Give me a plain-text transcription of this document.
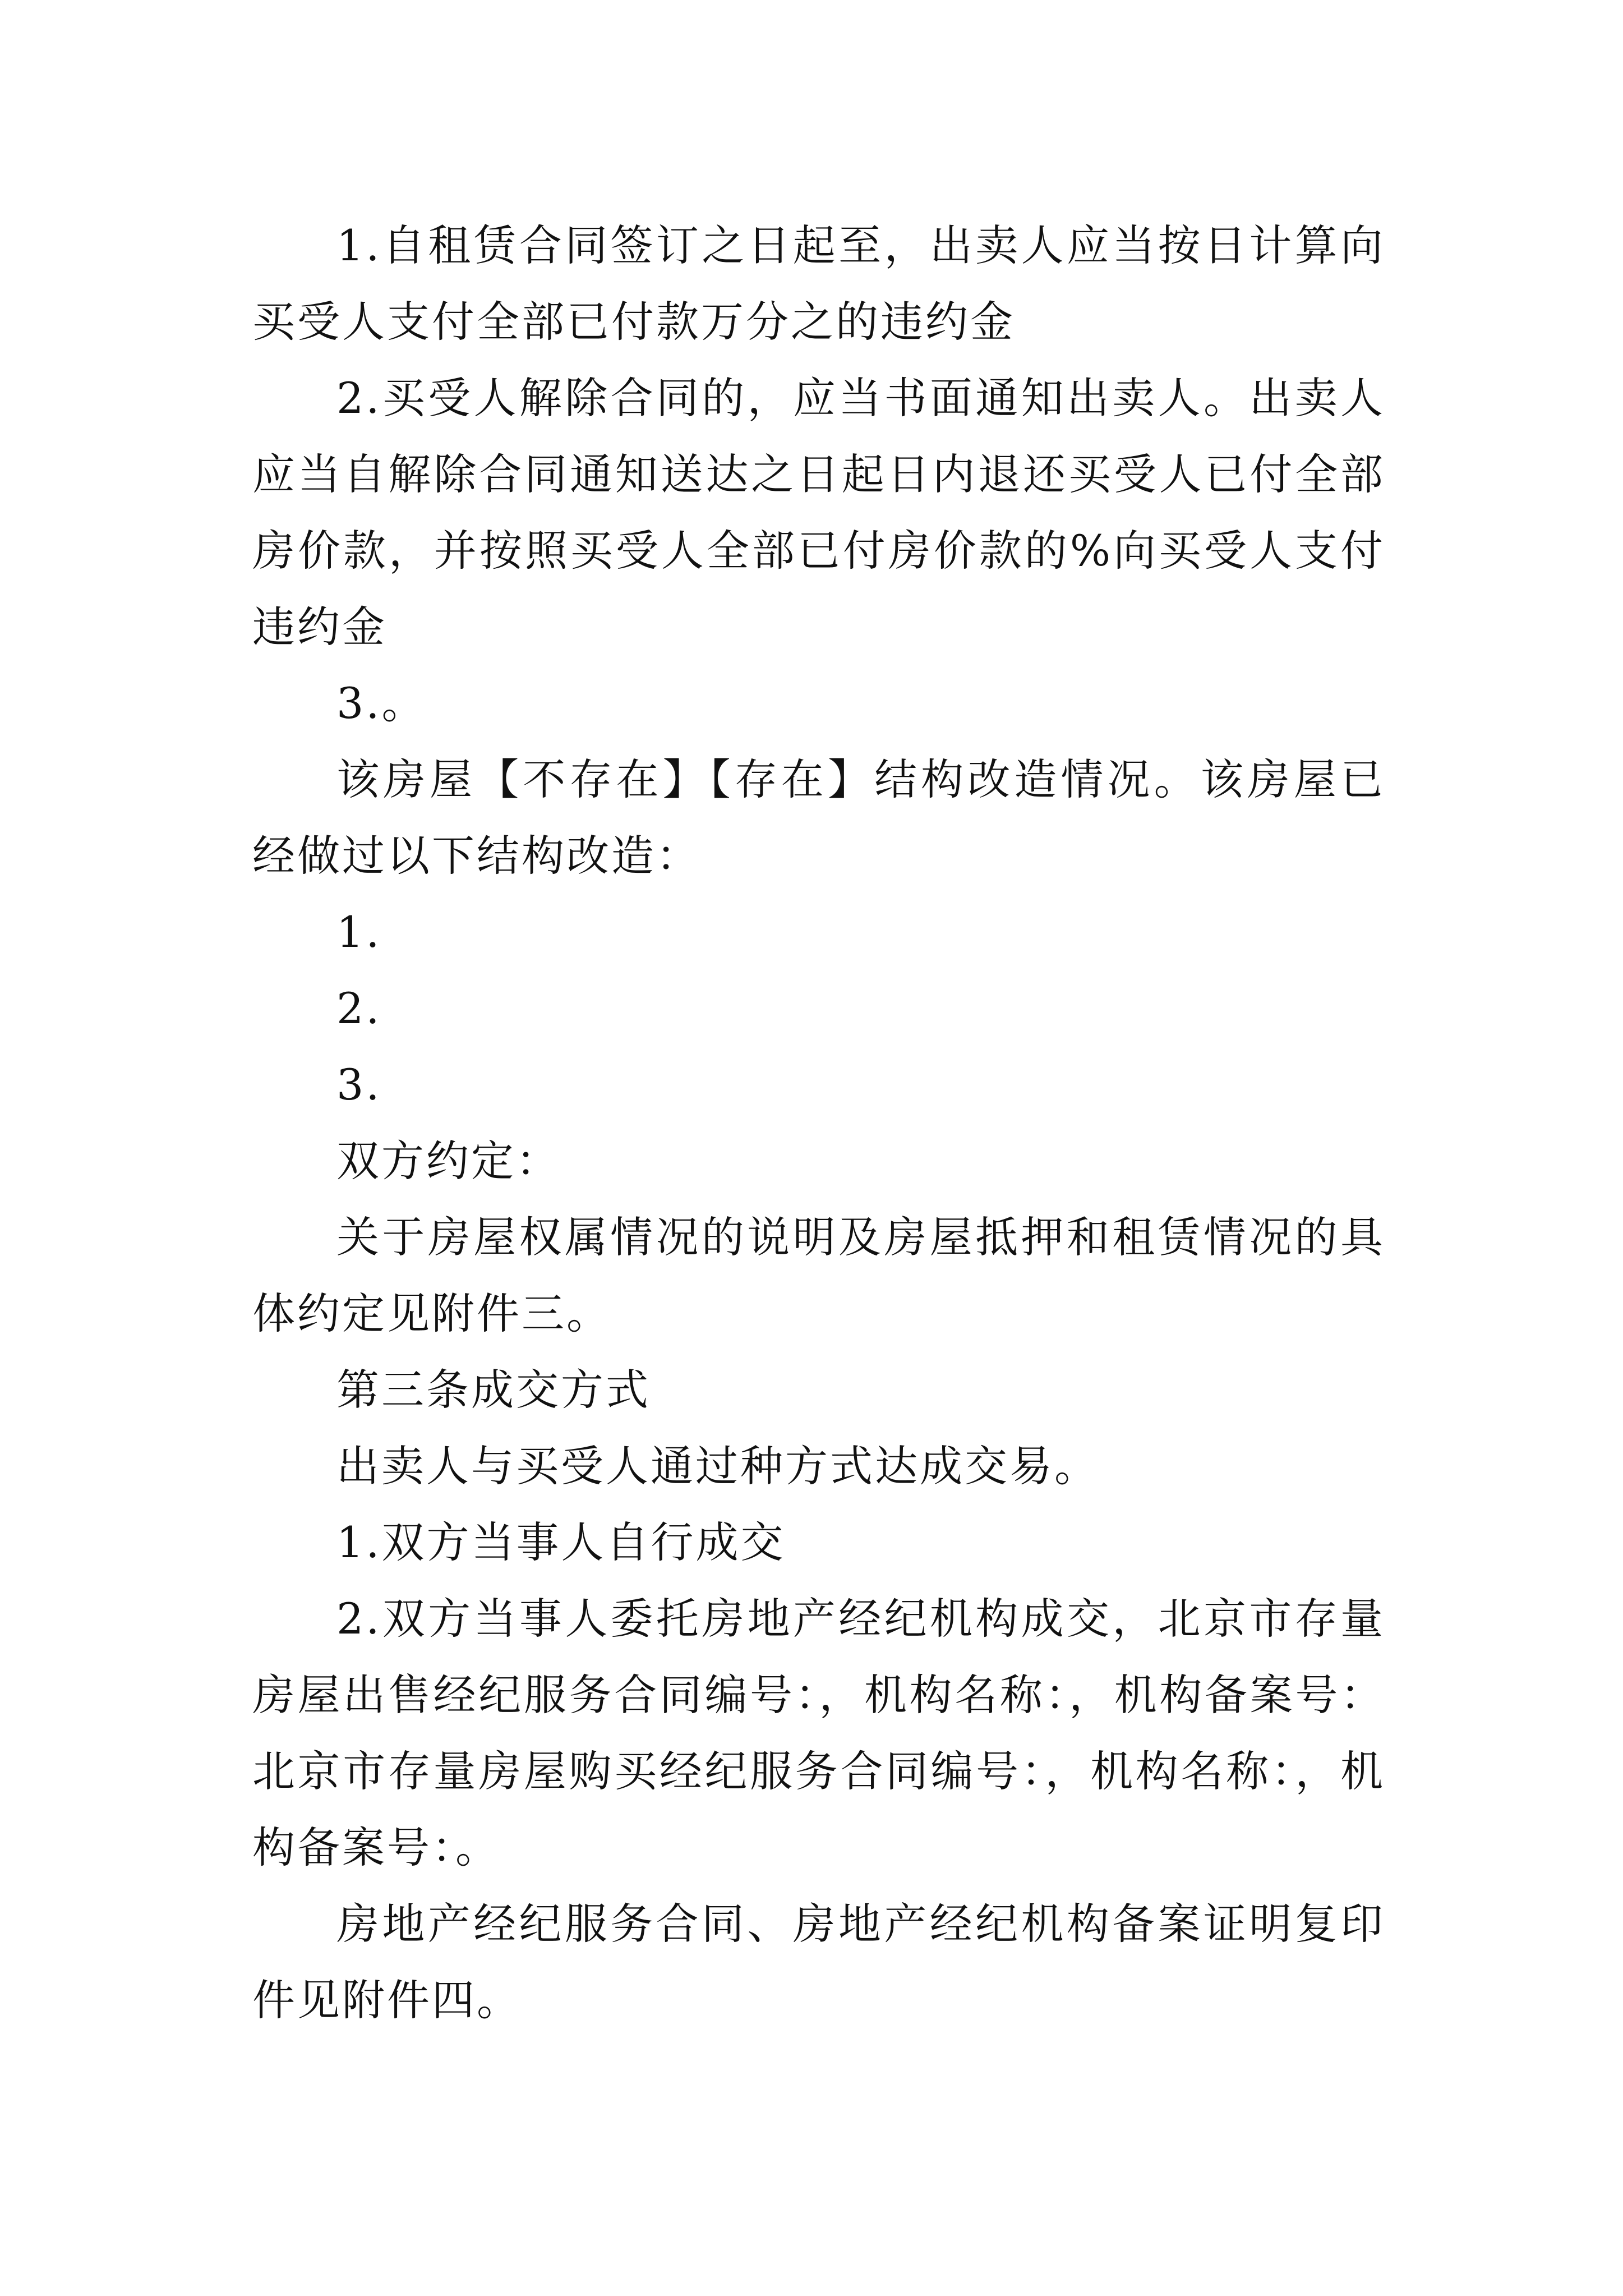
1.自租赁合同签订之日起至，出卖人应当按日计算向买受人支付全部已付款万分之的违约金

2.买受人解除合同的，应当书面通知出卖人。出卖人应当自解除合同通知送达之日起日内退还买受人已付全部房价款，并按照买受人全部已付房价款的%向买受人支付违约金

3.。

该房屋【不存在】【存在】结构改造情况。该房屋已经做过以下结构改造：

1.

2.

3.

双方约定：

关于房屋权属情况的说明及房屋抵押和租赁情况的具体约定见附件三。

第三条成交方式

出卖人与买受人通过种方式达成交易。

1.双方当事人自行成交

2.双方当事人委托房地产经纪机构成交，北京市存量房屋出售经纪服务合同编号：，机构名称：，机构备案号：北京市存量房屋购买经纪服务合同编号：，机构名称：，机构备案号：。

房地产经纪服务合同、房地产经纪机构备案证明复印件见附件四。
